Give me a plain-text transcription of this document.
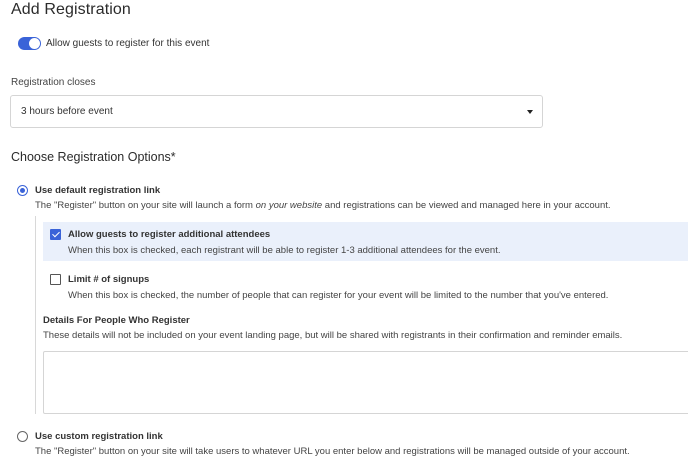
Add Registration
Allow guests to register for this event
Registration closes
3 hours before event
Choose Registration Options*
Use default registration link
The "Register" button on your site will launch a form on your website and registrations can be viewed and managed here in your account.
Allow guests to register additional attendees
When this box is checked, each registrant will be able to register 1-3 additional attendees for the event.
Limit # of signups
When this box is checked, the number of people that can register for your event will be limited to the number that you've entered.
Details For People Who Register
These details will not be included on your event landing page, but will be shared with registrants in their confirmation and reminder emails.
Use custom registration link
The "Register" button on your site will take users to whatever URL you enter below and registrations will be managed outside of your account.
